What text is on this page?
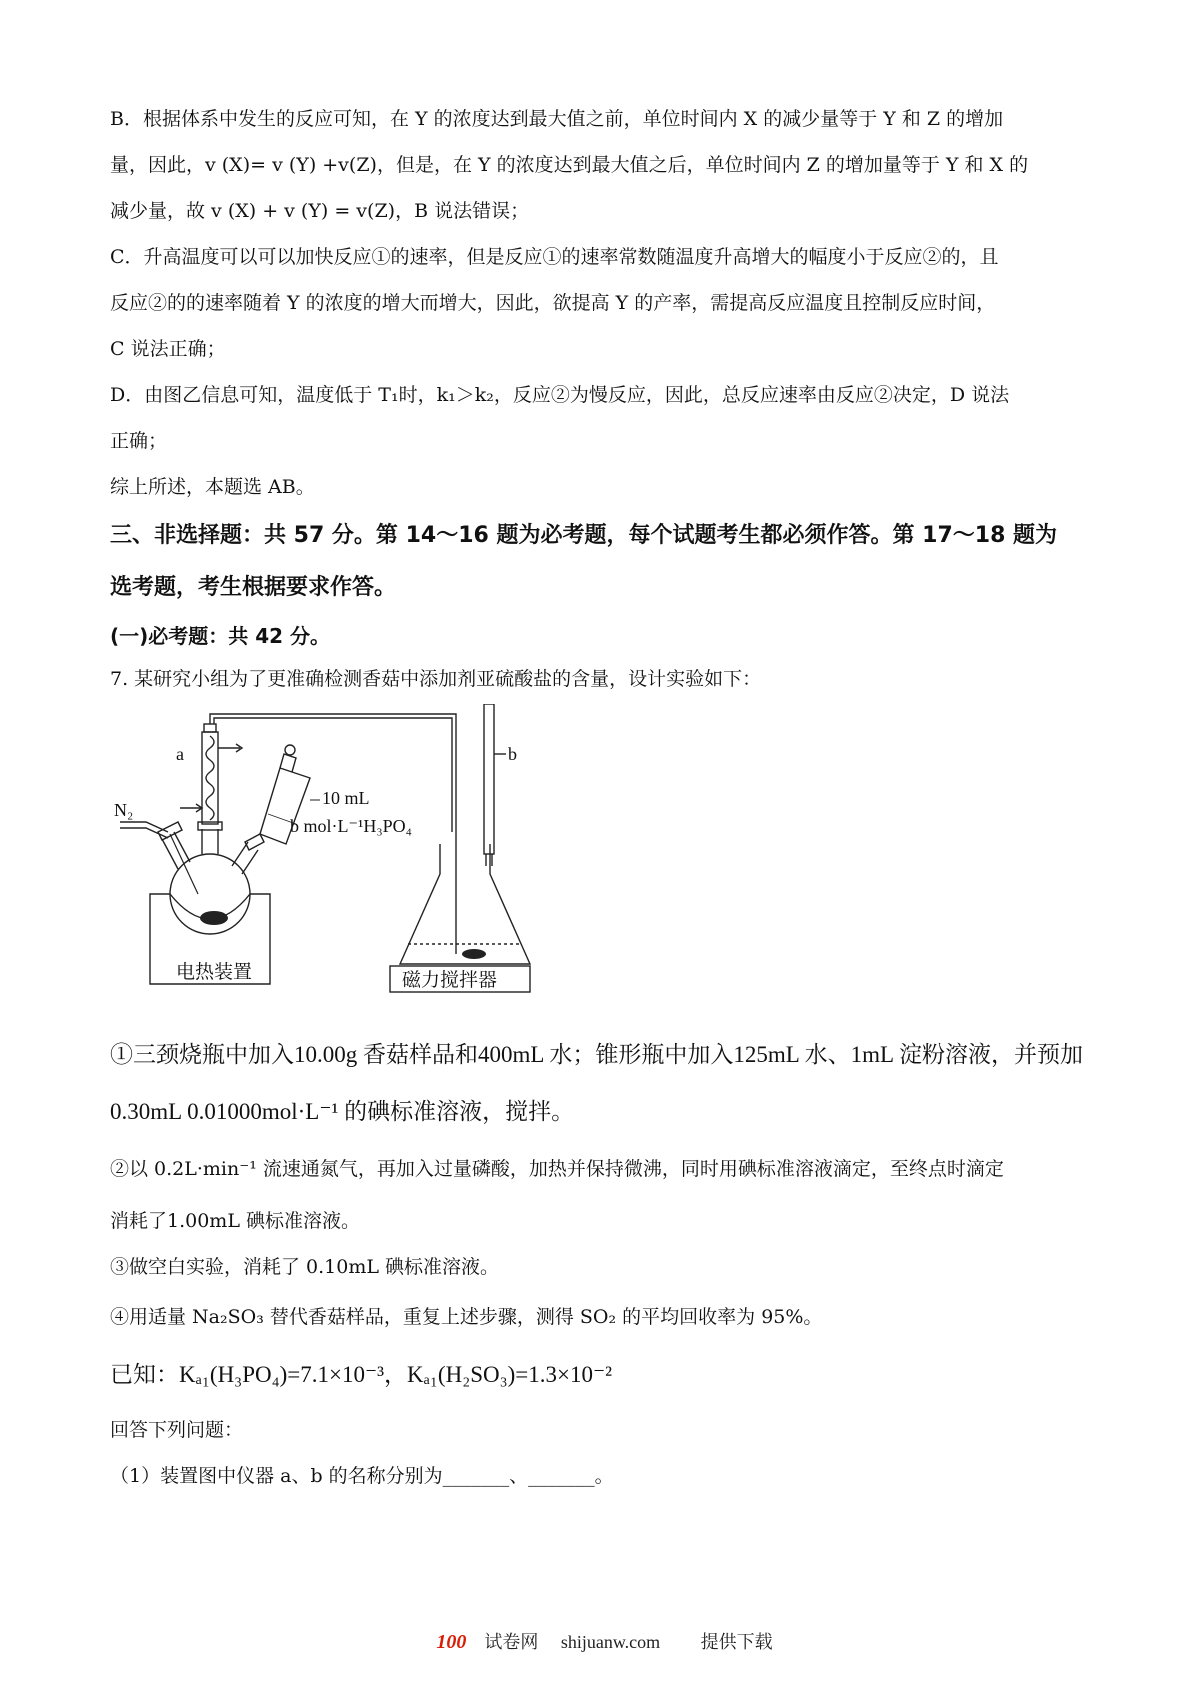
B．根据体系中发生的反应可知，在 Y 的浓度达到最大值之前，单位时间内 X 的减少量等于 Y 和 Z 的增加

量，因此，v (X)= v (Y) +v(Z)，但是，在 Y 的浓度达到最大值之后，单位时间内 Z 的增加量等于 Y 和 X 的

减少量，故 v (X) + v (Y) = v(Z)，B 说法错误；

C．升高温度可以可以加快反应①的速率，但是反应①的速率常数随温度升高增大的幅度小于反应②的，且

反应②的的速率随着 Y 的浓度的增大而增大，因此，欲提高 Y 的产率，需提高反应温度且控制反应时间，

C 说法正确；

D．由图乙信息可知，温度低于 T₁时，k₁＞k₂，反应②为慢反应，因此，总反应速率由反应②决定，D 说法

正确；

综上所述，本题选 AB。

三、非选择题：共 57 分。第 14～16 题为必考题，每个试题考生都必须作答。第 17～18 题为

选考题，考生根据要求作答。

(一)必考题：共 42 分。

7. 某研究小组为了更准确检测香菇中添加剂亚硫酸盐的含量，设计实验如下：

a	b
N₂
10 mL
b mol·L⁻¹H₃PO₄
电热装置	磁力搅拌器

①三颈烧瓶中加入10.00g 香菇样品和400mL 水；锥形瓶中加入125mL 水、1mL 淀粉溶液，并预加

0.30mL 0.01000mol·L⁻¹ 的碘标准溶液，搅拌。

②以 0.2L·min⁻¹ 流速通氮气，再加入过量磷酸，加热并保持微沸，同时用碘标准溶液滴定，至终点时滴定

消耗了1.00mL 碘标准溶液。

③做空白实验，消耗了 0.10mL 碘标准溶液。

④用适量 Na₂SO₃ 替代香菇样品，重复上述步骤，测得 SO₂ 的平均回收率为 95%。

已知：Kₐ₁(H₃PO₄)=7.1×10⁻³，Kₐ₁(H₂SO₃)=1.3×10⁻²

回答下列问题：

（1）装置图中仪器 a、b 的名称分别为_______、_______。

100 试卷网 shijuanw.com 提供下载
